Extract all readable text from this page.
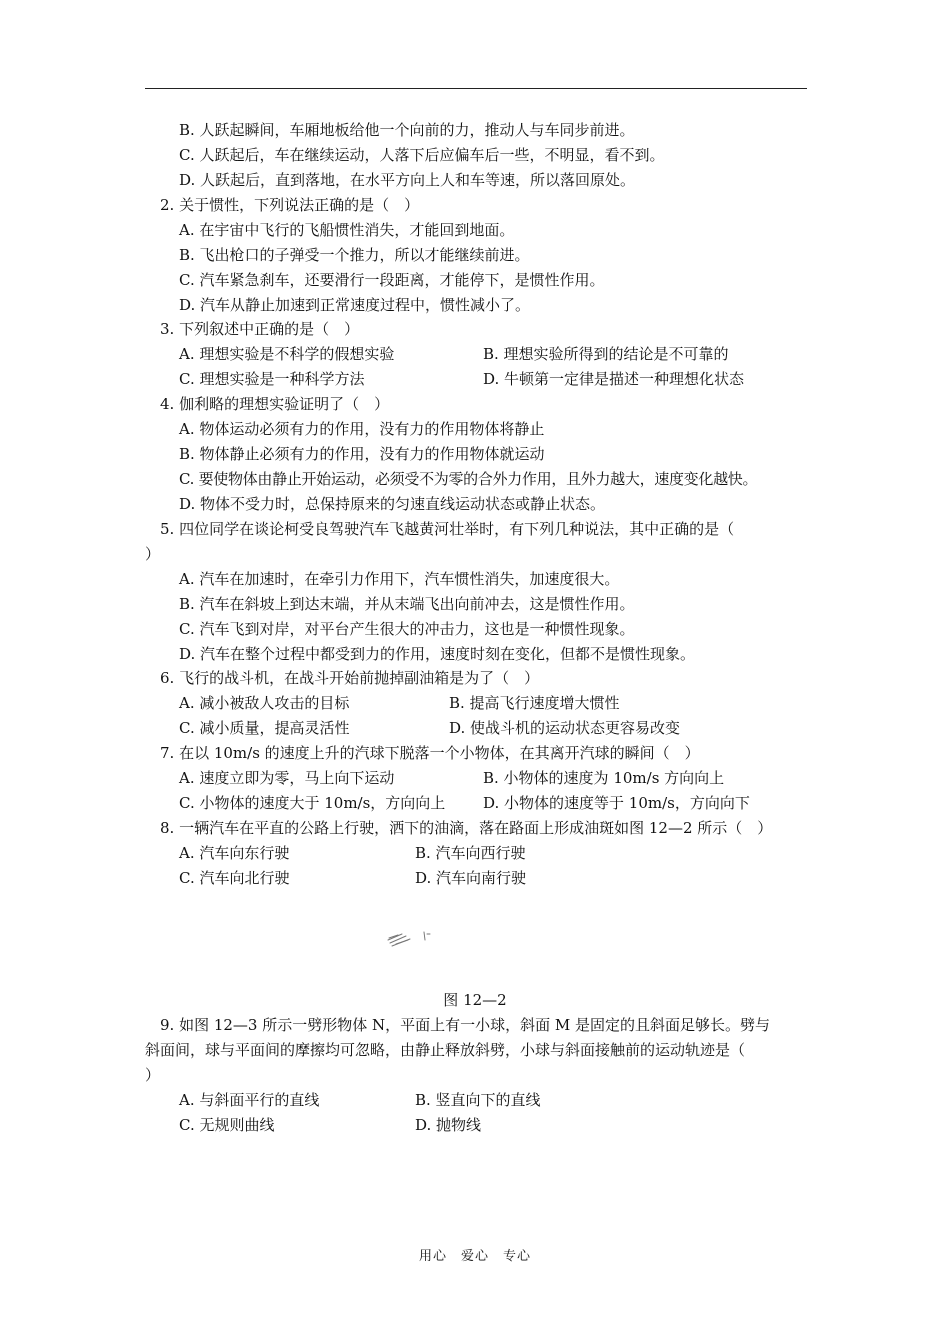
B. 人跃起瞬间，车厢地板给他一个向前的力，推动人与车同步前进。
C. 人跃起后，车在继续运动，人落下后应偏车后一些，不明显，看不到。
D. 人跃起后，直到落地，在水平方向上人和车等速，所以落回原处。
2. 关于惯性，下列说法正确的是（　）
A. 在宇宙中飞行的飞船惯性消失，才能回到地面。
B. 飞出枪口的子弹受一个推力，所以才能继续前进。
C. 汽车紧急刹车，还要滑行一段距离，才能停下，是惯性作用。
D. 汽车从静止加速到正常速度过程中，惯性减小了。
3. 下列叙述中正确的是（　）
A. 理想实验是不科学的假想实验	B. 理想实验所得到的结论是不可靠的
C. 理想实验是一种科学方法	D. 牛顿第一定律是描述一种理想化状态
4. 伽利略的理想实验证明了（　）
A. 物体运动必须有力的作用，没有力的作用物体将静止
B. 物体静止必须有力的作用，没有力的作用物体就运动
C. 要使物体由静止开始运动，必须受不为零的合外力作用，且外力越大，速度变化越快。
D. 物体不受力时，总保持原来的匀速直线运动状态或静止状态。
5. 四位同学在谈论柯受良驾驶汽车飞越黄河壮举时，有下列几种说法，其中正确的是（
）
A. 汽车在加速时，在牵引力作用下，汽车惯性消失，加速度很大。
B. 汽车在斜坡上到达末端，并从末端飞出向前冲去，这是惯性作用。
C. 汽车飞到对岸，对平台产生很大的冲击力，这也是一种惯性现象。
D. 汽车在整个过程中都受到力的作用，速度时刻在变化，但都不是惯性现象。
6. 飞行的战斗机，在战斗开始前抛掉副油箱是为了（　）
A. 减小被敌人攻击的目标	B. 提高飞行速度增大惯性
C. 减小质量，提高灵活性	D. 使战斗机的运动状态更容易改变
7. 在以 10m/s 的速度上升的汽球下脱落一个小物体，在其离开汽球的瞬间（　）
A. 速度立即为零，马上向下运动	B. 小物体的速度为 10m/s 方向向上
C. 小物体的速度大于 10m/s，方向向上	D. 小物体的速度等于 10m/s，方向向下
8. 一辆汽车在平直的公路上行驶，洒下的油滴，落在路面上形成油斑如图 12—2 所示（　）
A. 汽车向东行驶	B. 汽车向西行驶
C. 汽车向北行驶	D. 汽车向南行驶
图 12—2
9. 如图 12—3 所示一劈形物体 N，平面上有一小球，斜面 M 是固定的且斜面足够长。劈与
斜面间，球与平面间的摩擦均可忽略，由静止释放斜劈，小球与斜面接触前的运动轨迹是（
）
A. 与斜面平行的直线	B. 竖直向下的直线
C. 无规则曲线	D. 抛物线
用心　爱心　专心
